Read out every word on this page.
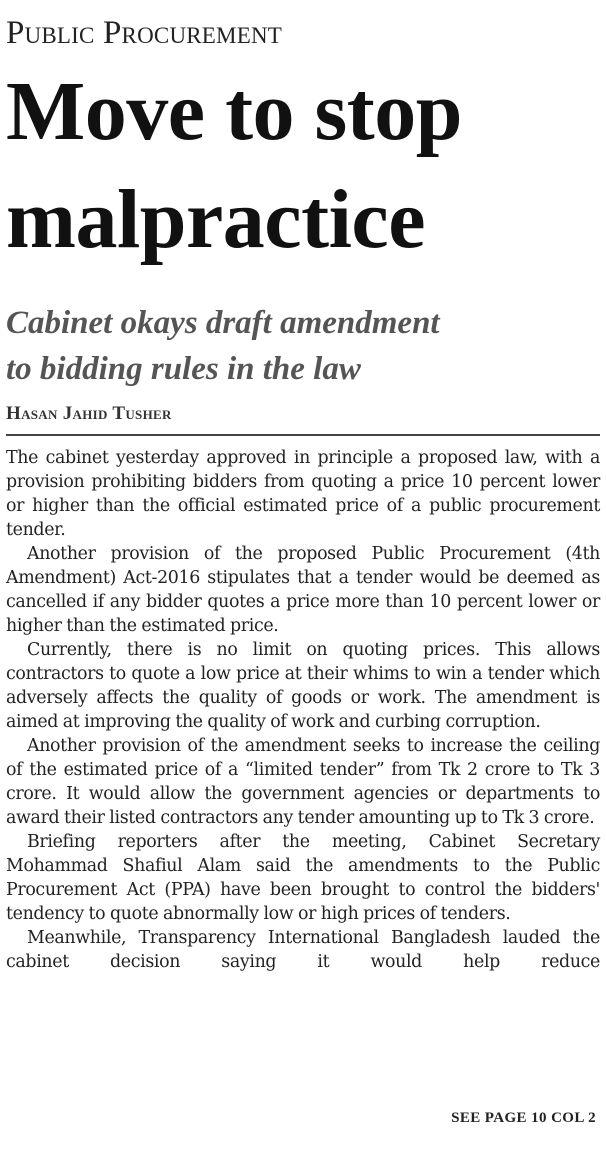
Public Procurement
Move to stop
malpractice
Cabinet okays draft amendment
to bidding rules in the law
Hasan Jahid Tusher

The cabinet yesterday approved in principle a proposed law, with a provision prohibiting bidders from quoting a price 10 percent lower or higher than the official estimated price of a public procurement tender.

Another provision of the proposed Public Procurement (4th Amendment) Act-2016 stipulates that a tender would be deemed as cancelled if any bidder quotes a price more than 10 percent lower or higher than the estimated price.

Currently, there is no limit on quoting prices. This allows contractors to quote a low price at their whims to win a tender which adversely affects the quality of goods or work. The amendment is aimed at improving the quality of work and curbing corruption.

Another provision of the amendment seeks to increase the ceiling of the estimated price of a “limited tender” from Tk 2 crore to Tk 3 crore. It would allow the government agencies or departments to award their listed contractors any tender amounting up to Tk 3 crore.

Briefing reporters after the meeting, Cabinet Secretary Mohammad Shafiul Alam said the amendments to the Public Procurement Act (PPA) have been brought to control the bidders' tendency to quote abnormally low or high prices of tenders.

Meanwhile, Transparency International Bangladesh lauded the cabinet decision saying it would help reduce

SEE PAGE 10 COL 2
